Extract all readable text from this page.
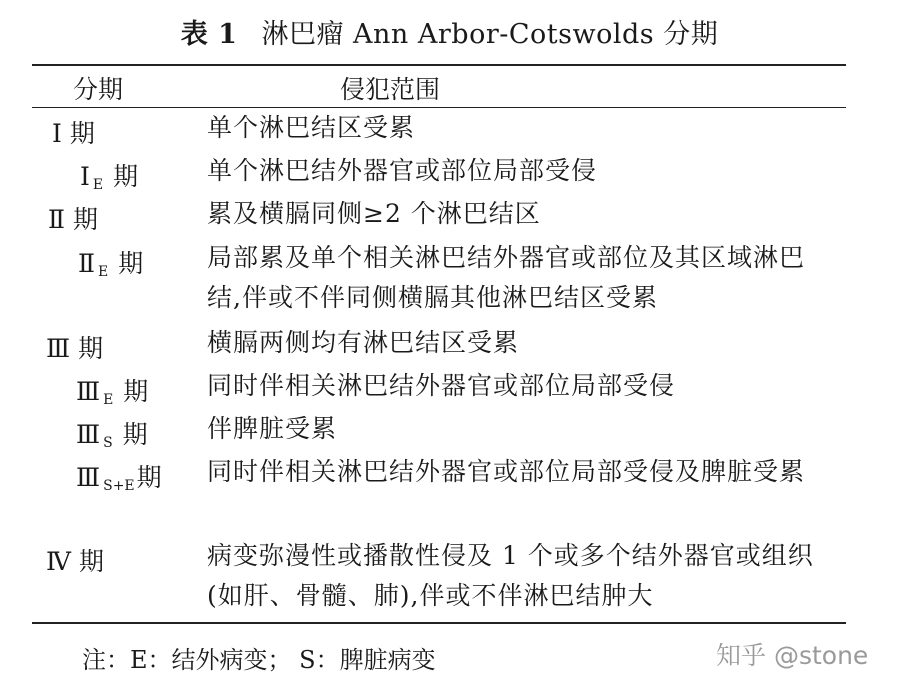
表 1 淋巴瘤 Ann Arbor-Cotswolds 分期
分期	侵犯范围
Ⅰ 期	单个淋巴结区受累
Ⅰ $_E$ 期	单个淋巴结外器官或部位局部受侵
Ⅱ 期	累及横膈同侧≥2 个淋巴结区
Ⅱ $_E$ 期	局部累及单个相关淋巴结外器官或部位及其区域淋巴结,伴或不伴同侧横膈其他淋巴结区受累
Ⅲ 期	横膈两侧均有淋巴结区受累
Ⅲ $_E$ 期 同时伴相关淋巴结外器官或部位局部受侵
Ⅲ $_S$ 期 伴脾脏受累
Ⅲ $_{S+E}$期 同时伴相关淋巴结外器官或部位局部受侵及脾脏受累
Ⅳ 期	病变弥漫性或播散性侵及 1 个或多个结外器官或组织(如肝、骨髓、肺),伴或不伴淋巴结肿大
注：E：结外病变； S：脾脏病变	知乎 @stone
